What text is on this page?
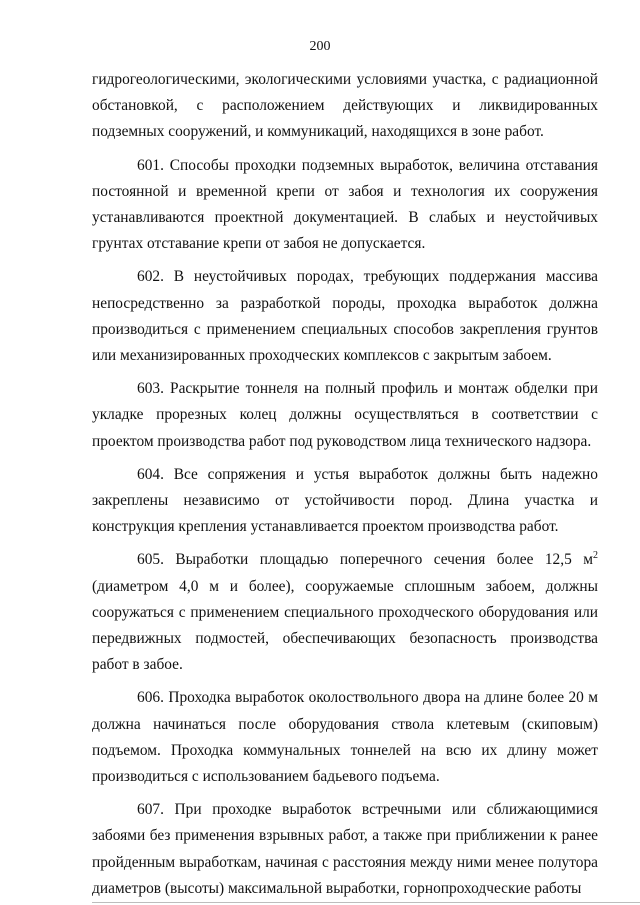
200

гидрогеологическими, экологическими условиями участка, с радиационной обстановкой, с расположением действующих и ликвидированных подземных сооружений, и коммуникаций, находящихся в зоне работ.

601. Способы проходки подземных выработок, величина отставания постоянной и временной крепи от забоя и технология их сооружения устанавливаются проектной документацией. В слабых и неустойчивых грунтах отставание крепи от забоя не допускается.

602. В неустойчивых породах, требующих поддержания массива непосредственно за разработкой породы, проходка выработок должна производиться с применением специальных способов закрепления грунтов или механизированных проходческих комплексов с закрытым забоем.

603. Раскрытие тоннеля на полный профиль и монтаж обделки при укладке прорезных колец должны осуществляться в соответствии с проектом производства работ под руководством лица технического надзора.

604. Все сопряжения и устья выработок должны быть надежно закреплены независимо от устойчивости пород. Длина участка и конструкция крепления устанавливается проектом производства работ.

605. Выработки площадью поперечного сечения более 12,5 $м^2$ (диаметром 4,0 м и более), сооружаемые сплошным забоем, должны сооружаться с применением специального проходческого оборудования или передвижных подмостей, обеспечивающих безопасность производства работ в забое.

606. Проходка выработок околоствольного двора на длине более 20 м должна начинаться после оборудования ствола клетевым (скиповым) подъемом. Проходка коммунальных тоннелей на всю их длину может производиться с использованием бадьевого подъема.

607. При проходке выработок встречными или сближающимися забоями без применения взрывных работ, а также при приближении к ранее пройденным выработкам, начиная с расстояния между ними менее полутора диаметров (высоты) максимальной выработки, горнопроходческие работы
